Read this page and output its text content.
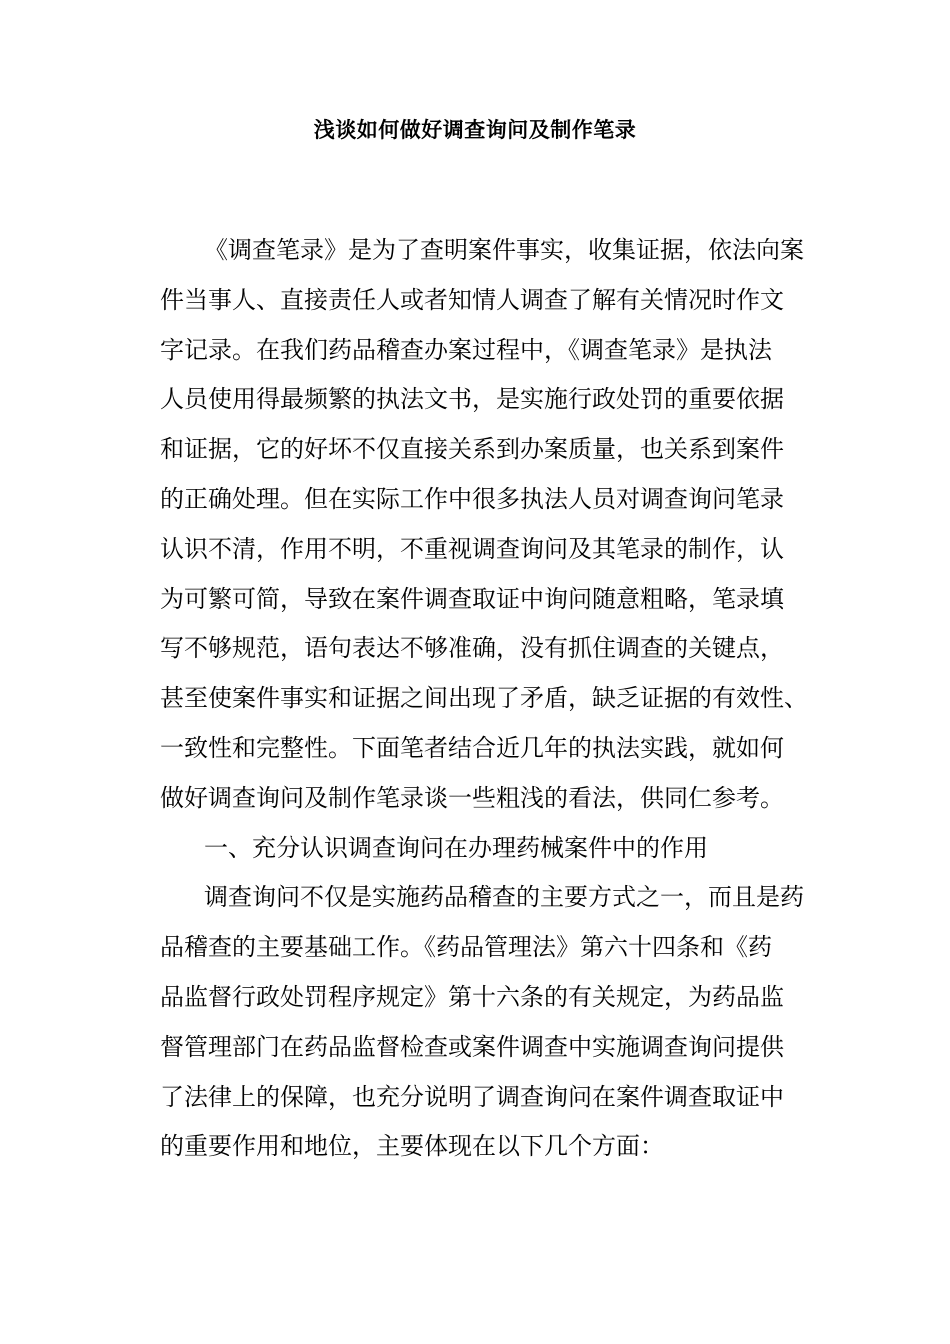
浅谈如何做好调查询问及制作笔录
《调查笔录》是为了查明案件事实，收集证据，依法向案
件当事人、直接责任人或者知情人调查了解有关情况时作文
字记录。在我们药品稽查办案过程中，《调查笔录》是执法
人员使用得最频繁的执法文书，是实施行政处罚的重要依据
和证据，它的好坏不仅直接关系到办案质量，也关系到案件
的正确处理。但在实际工作中很多执法人员对调查询问笔录
认识不清，作用不明，不重视调查询问及其笔录的制作，认
为可繁可简，导致在案件调查取证中询问随意粗略，笔录填
写不够规范，语句表达不够准确，没有抓住调查的关键点，
甚至使案件事实和证据之间出现了矛盾，缺乏证据的有效性、
一致性和完整性。下面笔者结合近几年的执法实践，就如何
做好调查询问及制作笔录谈一些粗浅的看法，供同仁参考。
一、充分认识调查询问在办理药械案件中的作用
调查询问不仅是实施药品稽查的主要方式之一，而且是药
品稽查的主要基础工作。《药品管理法》第六十四条和《药
品监督行政处罚程序规定》第十六条的有关规定，为药品监
督管理部门在药品监督检查或案件调查中实施调查询问提供
了法律上的保障，也充分说明了调查询问在案件调查取证中
的重要作用和地位，主要体现在以下几个方面：
